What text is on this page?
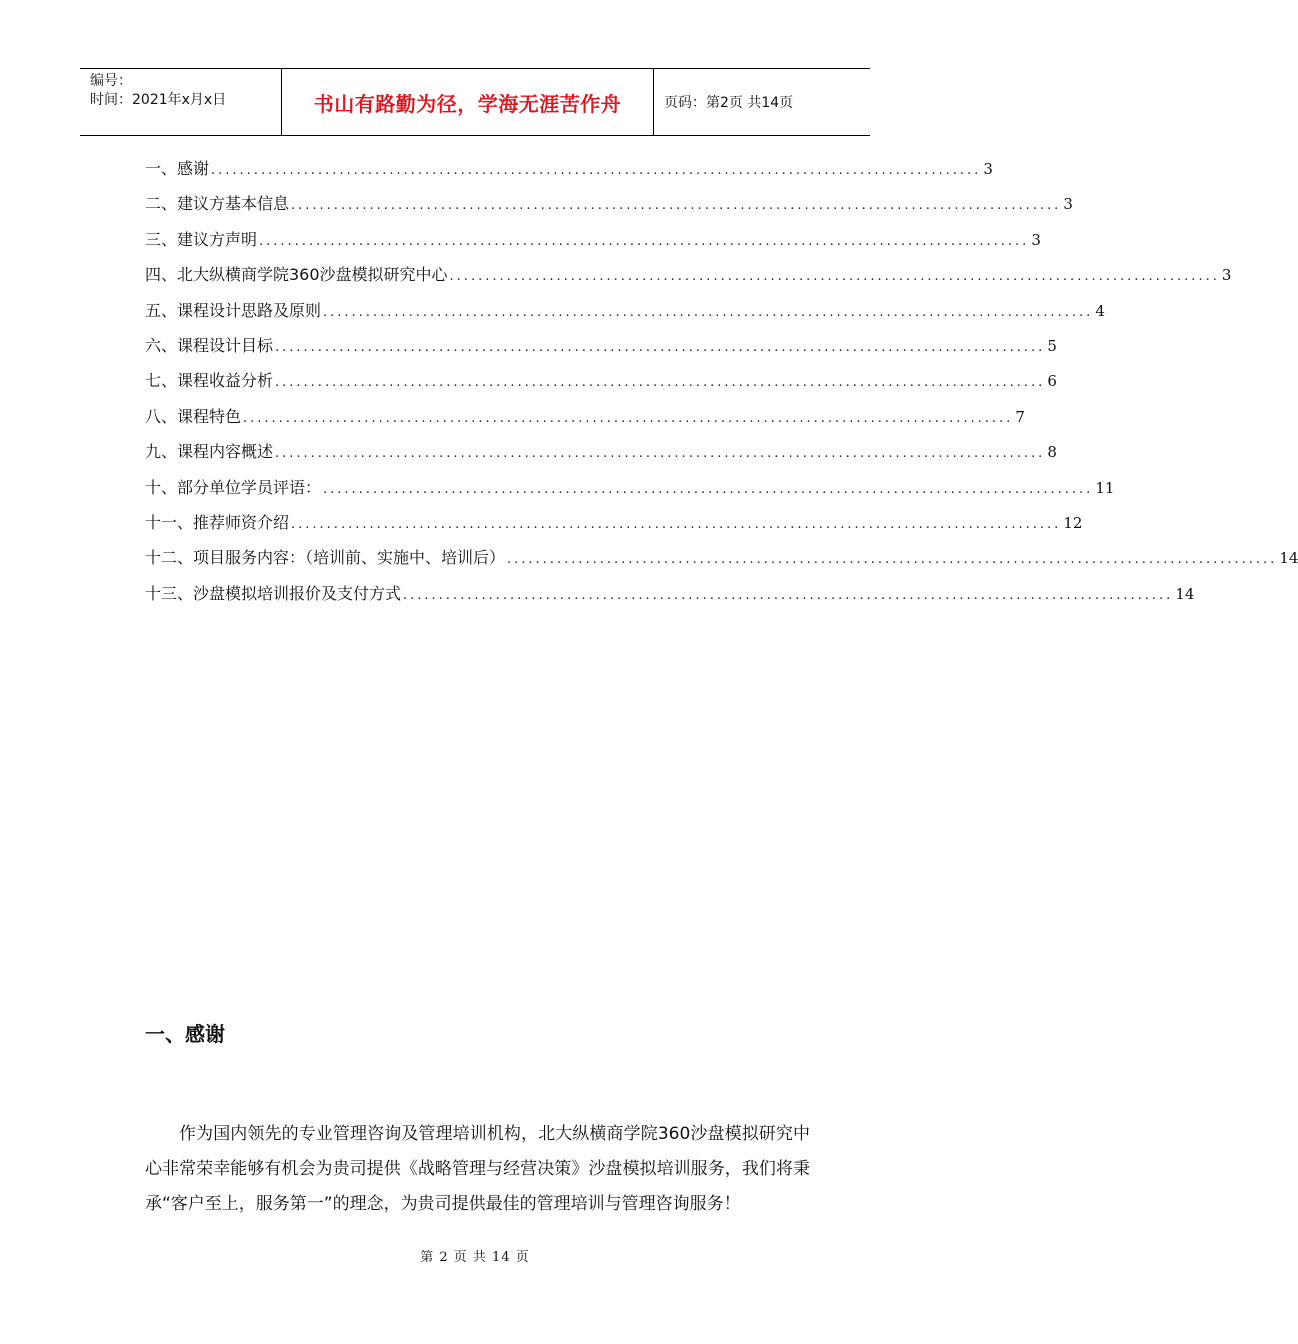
编号：
时间：2021年x月x日	书山有路勤为径，学海无涯苦作舟	页码：第2页 共14页
一、感谢 ............................................................................................................ 3
二、建议方基本信息 ............................................................................................................ 3
三、建议方声明 ............................................................................................................ 3
四、北大纵横商学院360沙盘模拟研究中心 ............................................................................................................ 3
五、课程设计思路及原则 ............................................................................................................ 4
六、课程设计目标 ............................................................................................................ 5
七、课程收益分析 ............................................................................................................ 6
八、课程特色 ............................................................................................................ 7
九、课程内容概述 ............................................................................................................ 8
十、部分单位学员评语： ............................................................................................................ 11
十一、推荐师资介绍 ............................................................................................................ 12
十二、项目服务内容：（培训前、实施中、培训后） ............................................................................................................ 14
十三、沙盘模拟培训报价及支付方式 ............................................................................................................ 14
一、感谢

作为国内领先的专业管理咨询及管理培训机构，北大纵横商学院360沙盘模拟研究中心非常荣幸能够有机会为贵司提供《战略管理与经营决策》沙盘模拟培训服务，我们将秉承“客户至上，服务第一”的理念，为贵司提供最佳的管理培训与管理咨询服务！

第 2 页 共 14 页
